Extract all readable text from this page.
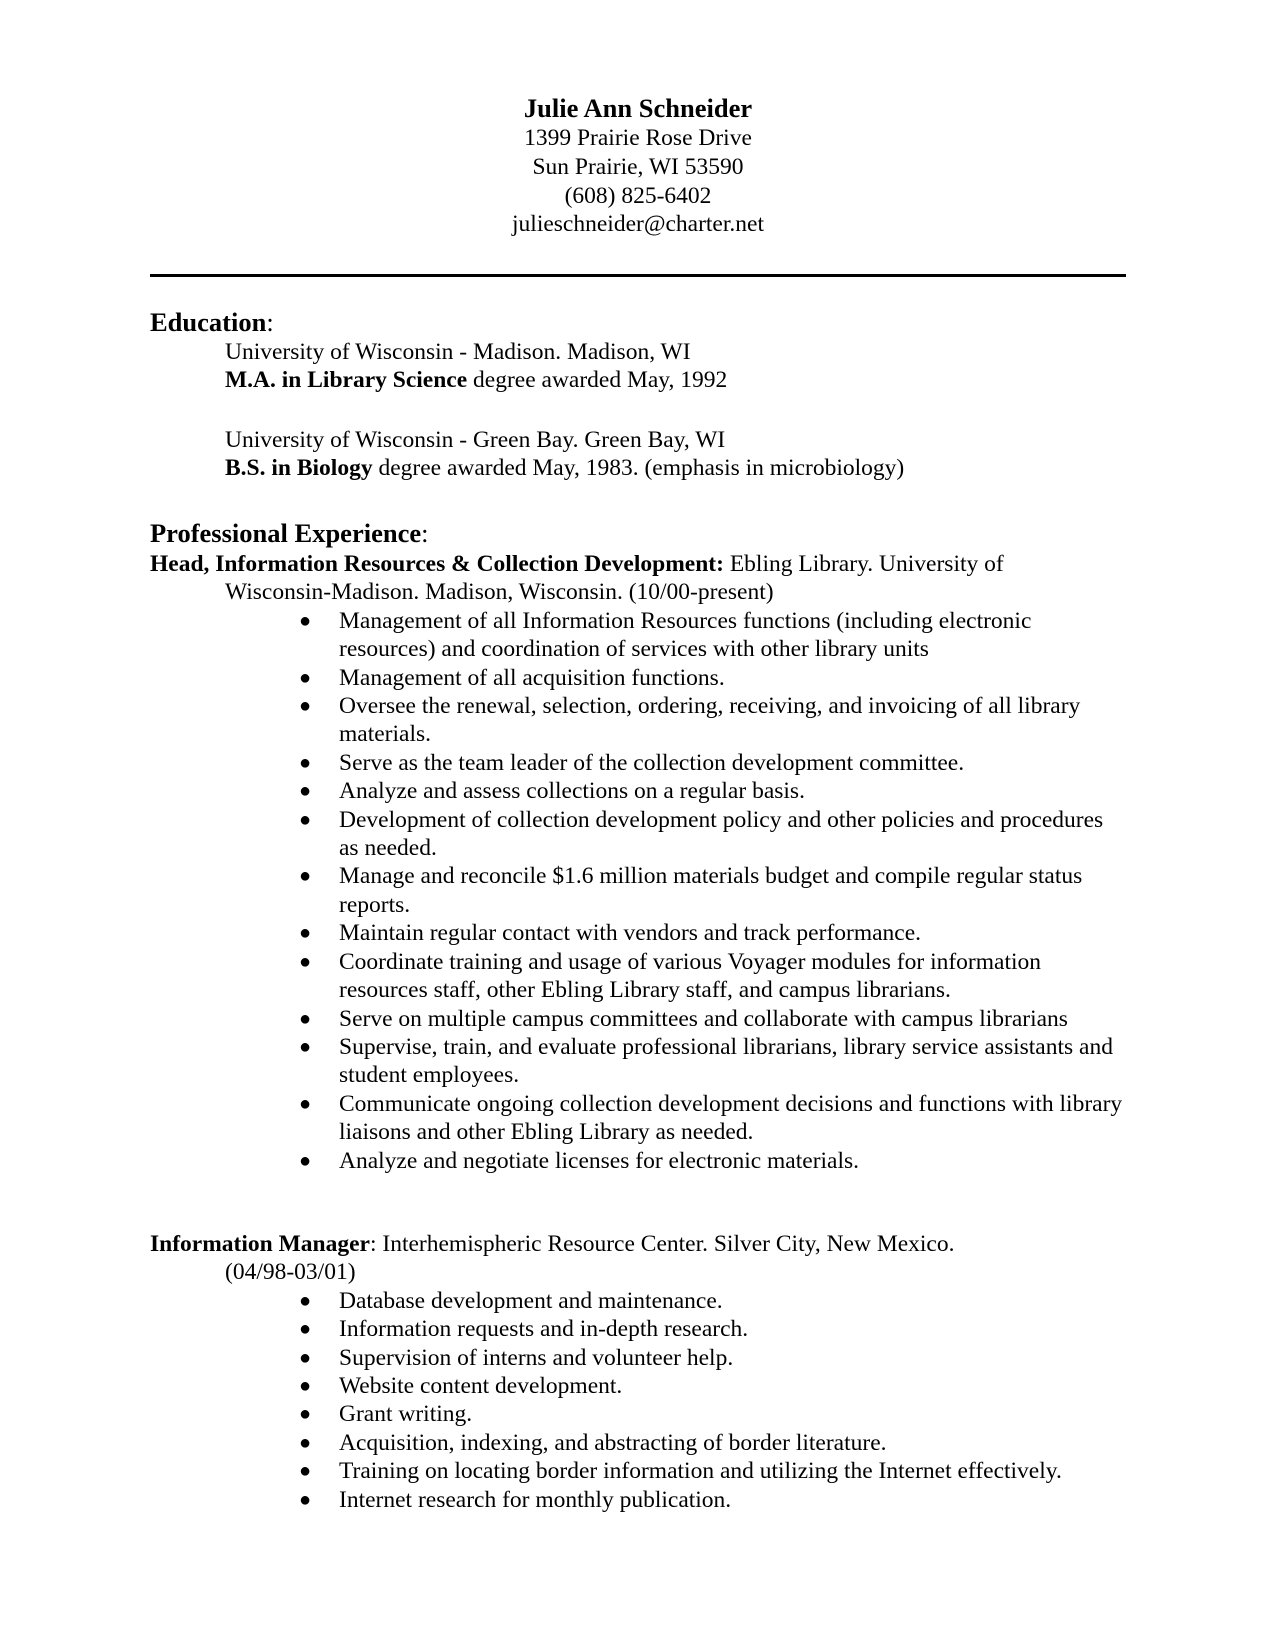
Julie Ann Schneider
1399 Prairie Rose Drive
Sun Prairie, WI 53590
(608) 825-6402
julieschneider@charter.net
Education:
University of Wisconsin - Madison. Madison, WI
M.A. in Library Science degree awarded May, 1992
University of Wisconsin - Green Bay. Green Bay, WI
B.S. in Biology degree awarded May, 1983. (emphasis in microbiology)
Professional Experience:
Head, Information Resources & Collection Development: Ebling Library. University of
Wisconsin-Madison. Madison, Wisconsin. (10/00-present)
●	Management of all Information Resources functions (including electronic resources) and coordination of services with other library units
●	Management of all acquisition functions.
●	Oversee the renewal, selection, ordering, receiving, and invoicing of all library materials.
●	Serve as the team leader of the collection development committee.
●	Analyze and assess collections on a regular basis.
●	Development of collection development policy and other policies and procedures as needed.
●	Manage and reconcile $1.6 million materials budget and compile regular status reports.
●	Maintain regular contact with vendors and track performance.
●	Coordinate training and usage of various Voyager modules for information resources staff, other Ebling Library staff, and campus librarians.
●	Serve on multiple campus committees and collaborate with campus librarians
●	Supervise, train, and evaluate professional librarians, library service assistants and student employees.
●	Communicate ongoing collection development decisions and functions with library liaisons and other Ebling Library as needed.
●	Analyze and negotiate licenses for electronic materials.
Information Manager: Interhemispheric Resource Center. Silver City, New Mexico.
(04/98-03/01)
●	Database development and maintenance.
●	Information requests and in-depth research.
●	Supervision of interns and volunteer help.
●	Website content development.
●	Grant writing.
●	Acquisition, indexing, and abstracting of border literature.
●	Training on locating border information and utilizing the Internet effectively.
●	Internet research for monthly publication.
